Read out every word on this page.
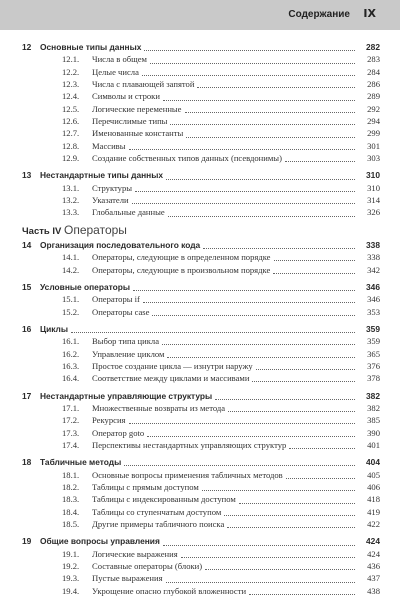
Содержание IX
12	Основные типы данных	282
12.1.	Числа в общем	283
12.2.	Целые числа	284
12.3.	Числа с плавающей запятой	286
12.4.	Символы и строки	289
12.5.	Логические переменные	292
12.6.	Перечислимые типы	294
12.7.	Именованные константы	299
12.8.	Массивы	301
12.9.	Создание собственных типов данных (псевдонимы)	303
13	Нестандартные типы данных	310
13.1.	Структуры	310
13.2.	Указатели	314
13.3.	Глобальные данные	326
Часть IV Операторы
14	Организация последовательного кода	338
14.1.	Операторы, следующие в определенном порядке	338
14.2.	Операторы, следующие в произвольном порядке	342
15	Условные операторы	346
15.1.	Операторы if	346
15.2.	Операторы case	353
16	Циклы	359
16.1.	Выбор типа цикла	359
16.2.	Управление циклом	365
16.3.	Простое создание цикла — изнутри наружу	376
16.4.	Соответствие между циклами и массивами	378
17	Нестандартные управляющие структуры	382
17.1.	Множественные возвраты из метода	382
17.2.	Рекурсия	385
17.3.	Оператор goto	390
17.4.	Перспективы нестандартных управляющих структур	401
18	Табличные методы	404
18.1.	Основные вопросы применения табличных методов	405
18.2.	Таблицы с прямым доступом	406
18.3.	Таблицы с индексированным доступом	418
18.4.	Таблицы со ступенчатым доступом	419
18.5.	Другие примеры табличного поиска	422
19	Общие вопросы управления	424
19.1.	Логические выражения	424
19.2.	Составные операторы (блоки)	436
19.3.	Пустые выражения	437
19.4.	Укрощение опасно глубокой вложенности	438
